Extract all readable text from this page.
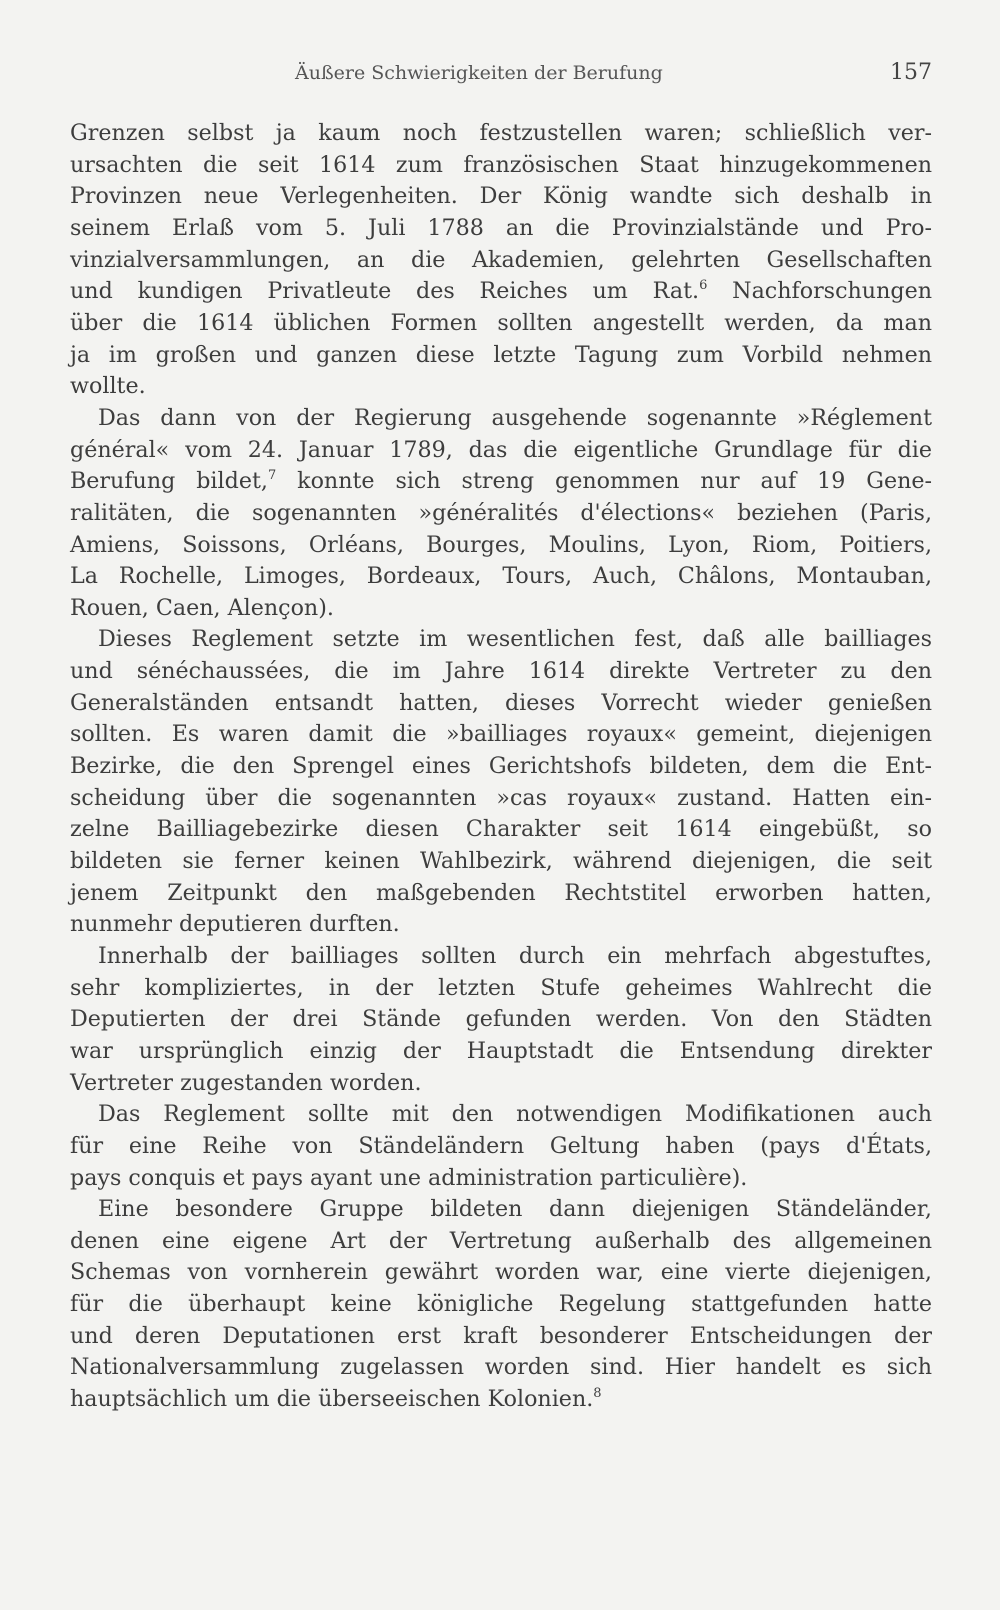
Äußere Schwierigkeiten der Berufung	157
Grenzen selbst ja kaum noch festzustellen waren; schließlich ver-
ursachten die seit 1614 zum französischen Staat hinzugekommenen
Provinzen neue Verlegenheiten. Der König wandte sich deshalb in
seinem Erlaß vom 5. Juli 1788 an die Provinzialstände und Pro-
vinzialversammlungen, an die Akademien, gelehrten Gesellschaften
und kundigen Privatleute des Reiches um Rat.$^6$ Nachforschungen
über die 1614 üblichen Formen sollten angestellt werden, da man
ja im großen und ganzen diese letzte Tagung zum Vorbild nehmen
wollte.
Das dann von der Regierung ausgehende sogenannte »Réglement
général« vom 24. Januar 1789, das die eigentliche Grundlage für die
Berufung bildet,$^7$ konnte sich streng genommen nur auf 19 Gene-
ralitäten, die sogenannten »généralités d'élections« beziehen (Paris,
Amiens, Soissons, Orléans, Bourges, Moulins, Lyon, Riom, Poitiers,
La Rochelle, Limoges, Bordeaux, Tours, Auch, Châlons, Montauban,
Rouen, Caen, Alençon).
Dieses Reglement setzte im wesentlichen fest, daß alle bailliages
und sénéchaussées, die im Jahre 1614 direkte Vertreter zu den
Generalständen entsandt hatten, dieses Vorrecht wieder genießen
sollten. Es waren damit die »bailliages royaux« gemeint, diejenigen
Bezirke, die den Sprengel eines Gerichtshofs bildeten, dem die Ent-
scheidung über die sogenannten »cas royaux« zustand. Hatten ein-
zelne Bailliagebezirke diesen Charakter seit 1614 eingebüßt, so
bildeten sie ferner keinen Wahlbezirk, während diejenigen, die seit
jenem Zeitpunkt den maßgebenden Rechtstitel erworben hatten,
nunmehr deputieren durften.
Innerhalb der bailliages sollten durch ein mehrfach abgestuftes,
sehr kompliziertes, in der letzten Stufe geheimes Wahlrecht die
Deputierten der drei Stände gefunden werden. Von den Städten
war ursprünglich einzig der Hauptstadt die Entsendung direkter
Vertreter zugestanden worden.
Das Reglement sollte mit den notwendigen Modifikationen auch
für eine Reihe von Ständeländern Geltung haben (pays d'États,
pays conquis et pays ayant une administration particulière).
Eine besondere Gruppe bildeten dann diejenigen Ständeländer,
denen eine eigene Art der Vertretung außerhalb des allgemeinen
Schemas von vornherein gewährt worden war, eine vierte diejenigen,
für die überhaupt keine königliche Regelung stattgefunden hatte
und deren Deputationen erst kraft besonderer Entscheidungen der
Nationalversammlung zugelassen worden sind. Hier handelt es sich
hauptsächlich um die überseeischen Kolonien.$^8$
